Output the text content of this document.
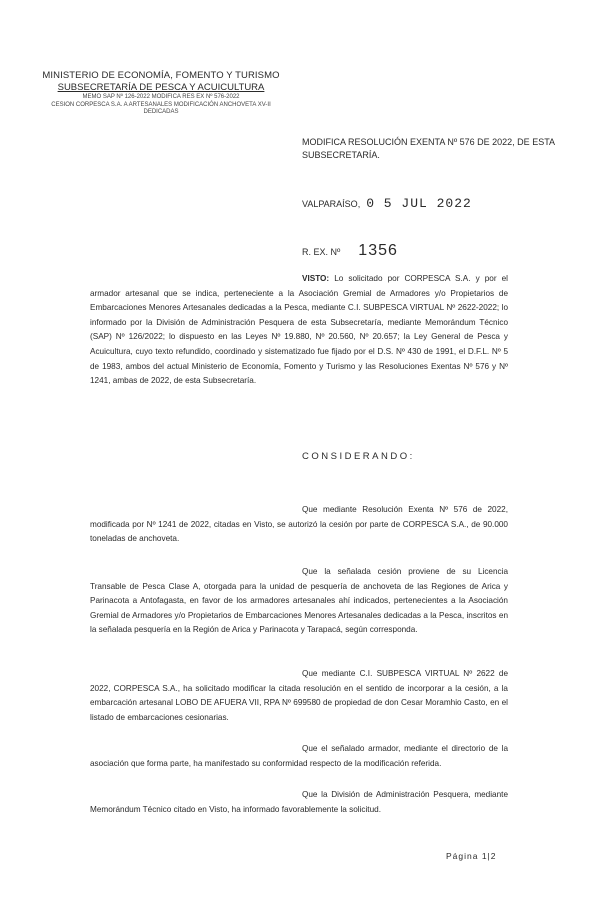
MINISTERIO DE ECONOMÍA, FOMENTO Y TURISMO
SUBSECRETARÍA DE PESCA Y ACUICULTURA
MEMO SAP Nº 126-2022 MODIFICA RES EX Nº 576-2022
CESION CORPESCA S.A. A ARTESANALES MODIFICACIÓN ANCHOVETA XV-II
DEDICADAS
MODIFICA RESOLUCIÓN EXENTA Nº 576 DE 2022, DE ESTA SUBSECRETARÍA.
VALPARAÍSO, 0 5 JUL 2022
R. EX. Nº 1356
VISTO: Lo solicitado por CORPESCA S.A. y por el armador artesanal que se indica, perteneciente a la Asociación Gremial de Armadores y/o Propietarios de Embarcaciones Menores Artesanales dedicadas a la Pesca, mediante C.I. SUBPESCA VIRTUAL Nº 2622-2022; lo informado por la División de Administración Pesquera de esta Subsecretaría, mediante Memorándum Técnico (SAP) Nº 126/2022; lo dispuesto en las Leyes Nº 19.880, Nº 20.560, Nº 20.657; la Ley General de Pesca y Acuicultura, cuyo texto refundido, coordinado y sistematizado fue fijado por el D.S. Nº 430 de 1991, el D.F.L. Nº 5 de 1983, ambos del actual Ministerio de Economía, Fomento y Turismo y las Resoluciones Exentas Nº 576 y Nº 1241, ambas de 2022, de esta Subsecretaría.
CONSIDERANDO:
Que mediante Resolución Exenta Nº 576 de 2022, modificada por Nº 1241 de 2022, citadas en Visto, se autorizó la cesión por parte de CORPESCA S.A., de 90.000 toneladas de anchoveta.
Que la señalada cesión proviene de su Licencia Transable de Pesca Clase A, otorgada para la unidad de pesquería de anchoveta de las Regiones de Arica y Parinacota a Antofagasta, en favor de los armadores artesanales ahí indicados, pertenecientes a la Asociación Gremial de Armadores y/o Propietarios de Embarcaciones Menores Artesanales dedicadas a la Pesca, inscritos en la señalada pesquería en la Región de Arica y Parinacota y Tarapacá, según corresponda.
Que mediante C.I. SUBPESCA VIRTUAL Nº 2622 de 2022, CORPESCA S.A., ha solicitado modificar la citada resolución en el sentido de incorporar a la cesión, a la embarcación artesanal LOBO DE AFUERA VII, RPA Nº 699580 de propiedad de don Cesar Moramhio Casto, en el listado de embarcaciones cesionarias.
Que el señalado armador, mediante el directorio de la asociación que forma parte, ha manifestado su conformidad respecto de la modificación referida.
Que la División de Administración Pesquera, mediante Memorándum Técnico citado en Visto, ha informado favorablemente la solicitud.
Página 1|2
